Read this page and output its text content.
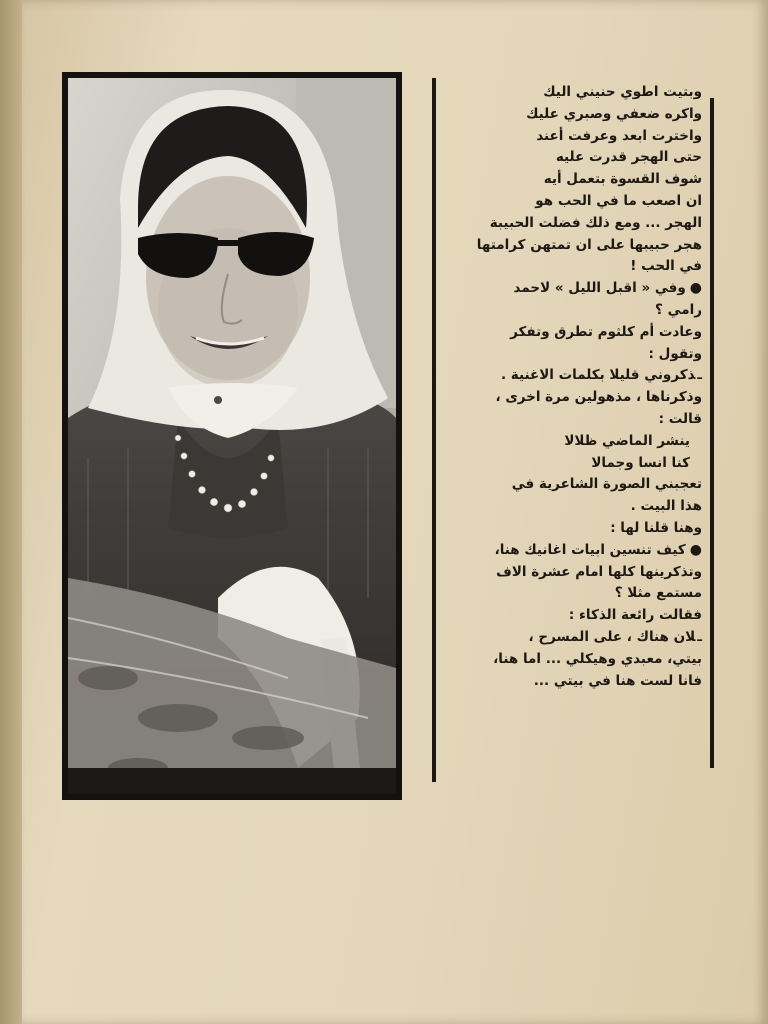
وبتيت اطوي حنيني اليك

واكره ضعفي وصبري عليك

واخترت ابعد وعرفت أعند

حتى الهجر قدرت عليه

شوف القسوة بتعمل أيه

ان اصعب ما في الحب هو

الهجر ... ومع ذلك فضلت الحبيبة

هجر حبيبها على ان تمتهن كرامتها

في الحب !

●وفي « اقبل الليل » لاحمد

رامي ؟

وعادت أم كلثوم تطرق وتفكر

وتقول :

ـذكروني قليلا بكلمات الاغنية .

وذكرناها ، مذهولين مرة اخرى ،

قالت :

ينشر الماضي ظلالا

كنا انسا وجمالا

تعجبني الصورة الشاعرية في

هذا البيت .

وهنا قلنا لها :

●كيف تنسين ابيات اغانيك هنا،

وتذكرينها كلها امام عشرة الاف

مستمع مثلا ؟

فقالت رائعة الذكاء :

ـلان هناك ، على المسرح ،

بيتي، معبدي وهيكلي ... اما هنا،

فانا لست هنا في بيتي ...
